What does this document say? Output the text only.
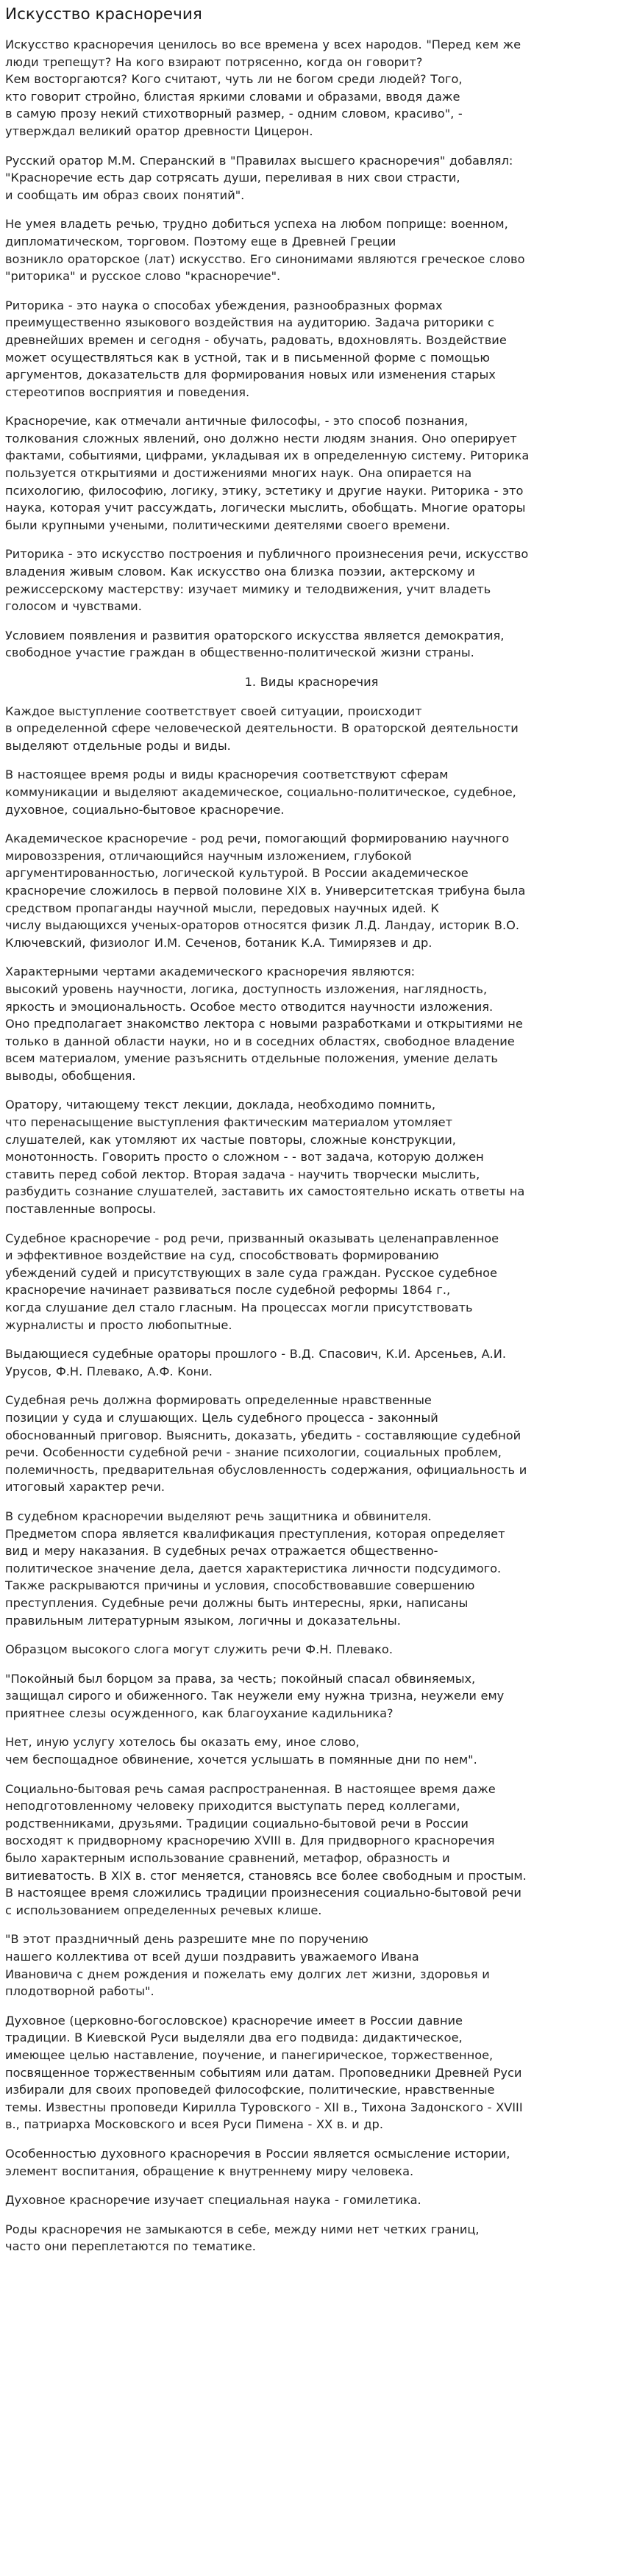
Искусство красноречия

Искусство красноречия ценилось во все времена у всех народов. "Перед кем же
люди трепещут? На кого взирают потрясенно, когда он говорит?
Кем восторгаются? Кого считают, чуть ли не богом среди людей? Того,
кто говорит стройно, блистая яркими словами и образами, вводя даже
в самую прозу некий стихотворный размер, - одним словом, красиво", -
утверждал великий оратор древности Цицерон.

Русский оратор М.М. Сперанский в "Правилах высшего красноречия" добавлял:
"Красноречие есть дар сотрясать души, переливая в них свои страсти,
и сообщать им образ своих понятий".

Не умея владеть речью, трудно добиться успеха на любом поприще: военном,
дипломатическом, торговом. Поэтому еще в Древней Греции
возникло ораторское (лат) искусство. Его синонимами являются греческое слово
"риторика" и русское слово "красноречие".

Риторика - это наука о способах убеждения, разнообразных формах
преимущественно языкового воздействия на аудиторию. Задача риторики с
древнейших времен и сегодня - обучать, радовать, вдохновлять. Воздействие
может осуществляться как в устной, так и в письменной форме с помощью
аргументов, доказательств для формирования новых или изменения старых
стереотипов восприятия и поведения.

Красноречие, как отмечали античные философы, - это способ познания,
толкования сложных явлений, оно должно нести людям знания. Оно оперирует
фактами, событиями, цифрами, укладывая их в определенную систему. Риторика
пользуется открытиями и достижениями многих наук. Она опирается на
психологию, философию, логику, этику, эстетику и другие науки. Риторика - это
наука, которая учит рассуждать, логически мыслить, обобщать. Многие ораторы
были крупными учеными, политическими деятелями своего времени.

Риторика - это искусство построения и публичного произнесения речи, искусство
владения живым словом. Как искусство она близка поэзии, актерскому и
режиссерскому мастерству: изучает мимику и телодвижения, учит владеть
голосом и чувствами.

Условием появления и развития ораторского искусства является демократия,
свободное участие граждан в общественно-политической жизни страны.

1. Виды красноречия

Каждое выступление соответствует своей ситуации, происходит
в определенной сфере человеческой деятельности. В ораторской деятельности
выделяют отдельные роды и виды.

В настоящее время роды и виды красноречия соответствуют сферам
коммуникации и выделяют академическое, социально-политическое, судебное,
духовное, социально-бытовое красноречие.

Академическое красноречие - род речи, помогающий формированию научного
мировоззрения, отличающийся научным изложением, глубокой
аргументированностью, логической культурой. В России академическое
красноречие сложилось в первой половине XIX в. Университетская трибуна была
средством пропаганды научной мысли, передовых научных идей. К
числу выдающихся ученых-ораторов относятся физик Л.Д. Ландау, историк В.О.
Ключевский, физиолог И.М. Сеченов, ботаник К.А. Тимирязев и др.

Характерными чертами академического красноречия являются:
высокий уровень научности, логика, доступность изложения, наглядность,
яркость и эмоциональность. Особое место отводится научности изложения.
Оно предполагает знакомство лектора с новыми разработками и открытиями не
только в данной области науки, но и в соседних областях, свободное владение
всем материалом, умение разъяснить отдельные положения, умение делать
выводы, обобщения.

Оратору, читающему текст лекции, доклада, необходимо помнить,
что перенасыщение выступления фактическим материалом утомляет
слушателей, как утомляют их частые повторы, сложные конструкции,
монотонность. Говорить просто о сложном - - вот задача, которую должен
ставить перед собой лектор. Вторая задача - научить творчески мыслить,
разбудить сознание слушателей, заставить их самостоятельно искать ответы на
поставленные вопросы.

Судебное красноречие - род речи, призванный оказывать целенаправленное
и эффективное воздействие на суд, способствовать формированию
убеждений судей и присутствующих в зале суда граждан. Русское судебное
красноречие начинает развиваться после судебной реформы 1864 г.,
когда слушание дел стало гласным. На процессах могли присутствовать
журналисты и просто любопытные.

Выдающиеся судебные ораторы прошлого - В.Д. Спасович, К.И. Арсеньев, А.И.
Урусов, Ф.Н. Плевако, А.Ф. Кони.

Судебная речь должна формировать определенные нравственные
позиции у суда и слушающих. Цель судебного процесса - законный
обоснованный приговор. Выяснить, доказать, убедить - составляющие судебной
речи. Особенности судебной речи - знание психологии, социальных проблем,
полемичность, предварительная обусловленность содержания, официальность и
итоговый характер речи.

В судебном красноречии выделяют речь защитника и обвинителя.
Предметом спора является квалификация преступления, которая определяет
вид и меру наказания. В судебных речах отражается общественно-
политическое значение дела, дается характеристика личности подсудимого.
Также раскрываются причины и условия, способствовавшие совершению
преступления. Судебные речи должны быть интересны, ярки, написаны
правильным литературным языком, логичны и доказательны.

Образцом высокого слога могут служить речи Ф.Н. Плевако.

"Покойный был борцом за права, за честь; покойный спасал обвиняемых,
защищал сирого и обиженного. Так неужели ему нужна тризна, неужели ему
приятнее слезы осужденного, как благоухание кадильника?

Нет, иную услугу хотелось бы оказать ему, иное слово,
чем беспощадное обвинение, хочется услышать в помянные дни по нем".

Социально-бытовая речь самая распространенная. В настоящее время даже
неподготовленному человеку приходится выступать перед коллегами,
родственниками, друзьями. Традиции социально-бытовой речи в России
восходят к придворному красноречию XVIII в. Для придворного красноречия
было характерным использование сравнений, метафор, образность и
витиеватость. В XIX в. стог меняется, становясь все более свободным и простым.
В настоящее время сложились традиции произнесения социально-бытовой речи
с использованием определенных речевых клише.

"В этот праздничный день разрешите мне по поручению
нашего коллектива от всей души поздравить уважаемого Ивана
Ивановича с днем рождения и пожелать ему долгих лет жизни, здоровья и
плодотворной работы".

Духовное (церковно-богословское) красноречие имеет в России давние
традиции. В Киевской Руси выделяли два его подвида: дидактическое,
имеющее целью наставление, поучение, и панегирическое, торжественное,
посвященное торжественным событиям или датам. Проповедники Древней Руси
избирали для своих проповедей философские, политические, нравственные
темы. Известны проповеди Кирилла Туровского - XII в., Тихона Задонского - XVIII
в., патриарха Московского и всея Руси Пимена - XX в. и др.

Особенностью духовного красноречия в России является осмысление истории,
элемент воспитания, обращение к внутреннему миру человека.

Духовное красноречие изучает специальная наука - гомилетика.

Роды красноречия не замыкаются в себе, между ними нет четких границ,
часто они переплетаются по тематике.
